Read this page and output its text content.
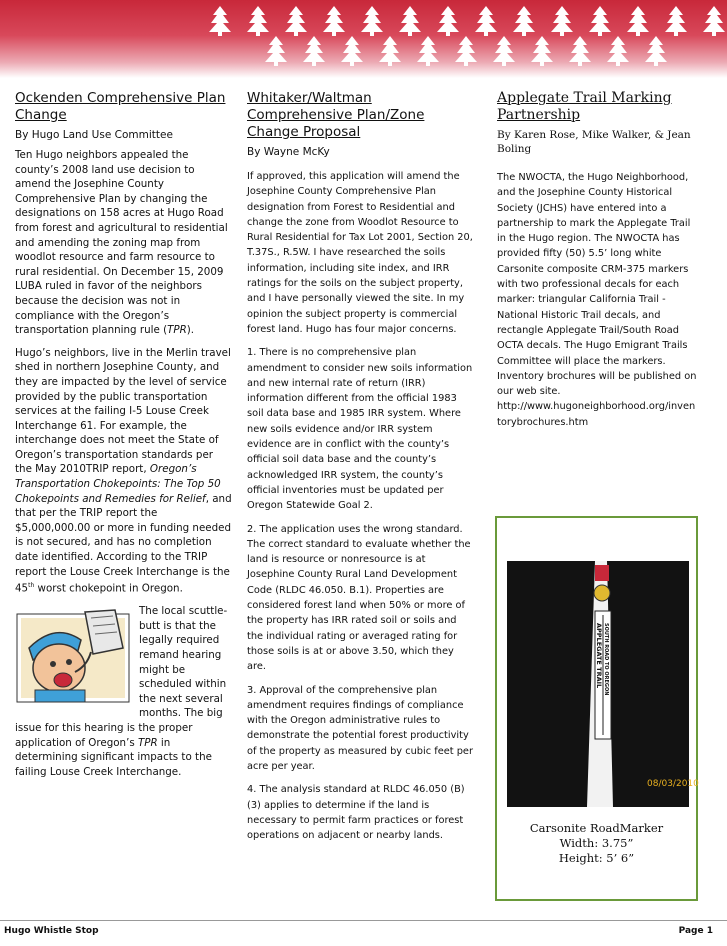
Ockenden Comprehensive Plan Change
By Hugo Land Use Committee

Ten Hugo neighbors appealed the county’s 2008 land use decision to amend the Josephine County Comprehensive Plan by changing the designations on 158 acres at Hugo Road from forest and agricultural to residential and amending the zoning map from woodlot resource and farm resource to rural residential. On December 15, 2009 LUBA ruled in favor of the neighbors because the decision was not in compliance with the Oregon’s transportation planning rule (TPR).

Hugo’s neighbors, live in the Merlin travel shed in northern Josephine County, and they are impacted by the level of service provided by the public transportation services at the failing I-5 Louse Creek Interchange 61. For example, the interchange does not meet the State of Oregon’s transportation standards per the May 2010TRIP report, Oregon’s Transportation Chokepoints: The Top 50 Chokepoints and Remedies for Relief, and that per the TRIP report the $5,000,000.00 or more in funding needed is not secured, and has no completion date identified. According to the TRIP report the Louse Creek Interchange is the 45th worst chokepoint in Oregon.

The local scuttle-butt is that the legally required remand hearing might be scheduled within the next several months. The big issue for this hearing is the proper application of Oregon’s TPR in determining significant impacts to the failing Louse Creek Interchange.

Whitaker/Waltman Comprehensive Plan/Zone Change Proposal
By Wayne McKy

If approved, this application will amend the Josephine County Comprehensive Plan designation from Forest to Residential and change the zone from Woodlot Resource to Rural Residential for Tax Lot 2001, Section 20, T.37S., R.5W. I have researched the soils information, including site index, and IRR ratings for the soils on the subject property, and I have personally viewed the site. In my opinion the subject property is commercial forest land. Hugo has four major concerns.

1. There is no comprehensive plan amendment to consider new soils information and new internal rate of return (IRR) information different from the official 1983 soil data base and 1985 IRR system. Where new soils evidence and/or IRR system evidence are in conflict with the county’s official soil data base and the county’s acknowledged IRR system, the county’s official inventories must be updated per Oregon Statewide Goal 2.

2. The application uses the wrong standard. The correct standard to evaluate whether the land is resource or nonresource is at Josephine County Rural Land Development Code (RLDC 46.050. B.1). Properties are considered forest land when 50% or more of the property has IRR rated soil or soils and the individual rating or averaged rating for those soils is at or above 3.50, which they are.

3. Approval of the comprehensive plan amendment requires findings of compliance with the Oregon administrative rules to demonstrate the potential forest productivity of the property as measured by cubic feet per acre per year.

4. The analysis standard at RLDC 46.050 (B)(3) applies to determine if the land is necessary to permit farm practices or forest operations on adjacent or nearby lands.

Applegate Trail Marking Partnership
By Karen Rose, Mike Walker, & Jean Boling

The NWOCTA, the Hugo Neighborhood, and the Josephine County Historical Society (JCHS) have entered into a partnership to mark the Applegate Trail in the Hugo region. The NWOCTA has provided fifty (50) 5.5’ long white Carsonite composite CRM-375 markers with two professional decals for each marker: triangular California Trail - National Historic Trail decals, and rectangle Applegate Trail/South Road OCTA decals. The Hugo Emigrant Trails Committee will place the markers. Inventory brochures will be published on our web site. http://www.hugoneighborhood.org/inventorybrochures.htm

APPLEGATE TRAIL SOUTH ROAD TO OREGON
08/03/2010
Carsonite RoadMarker
Width: 3.75”
Height: 5’ 6”
Hugo Whistle Stop	Page 1
